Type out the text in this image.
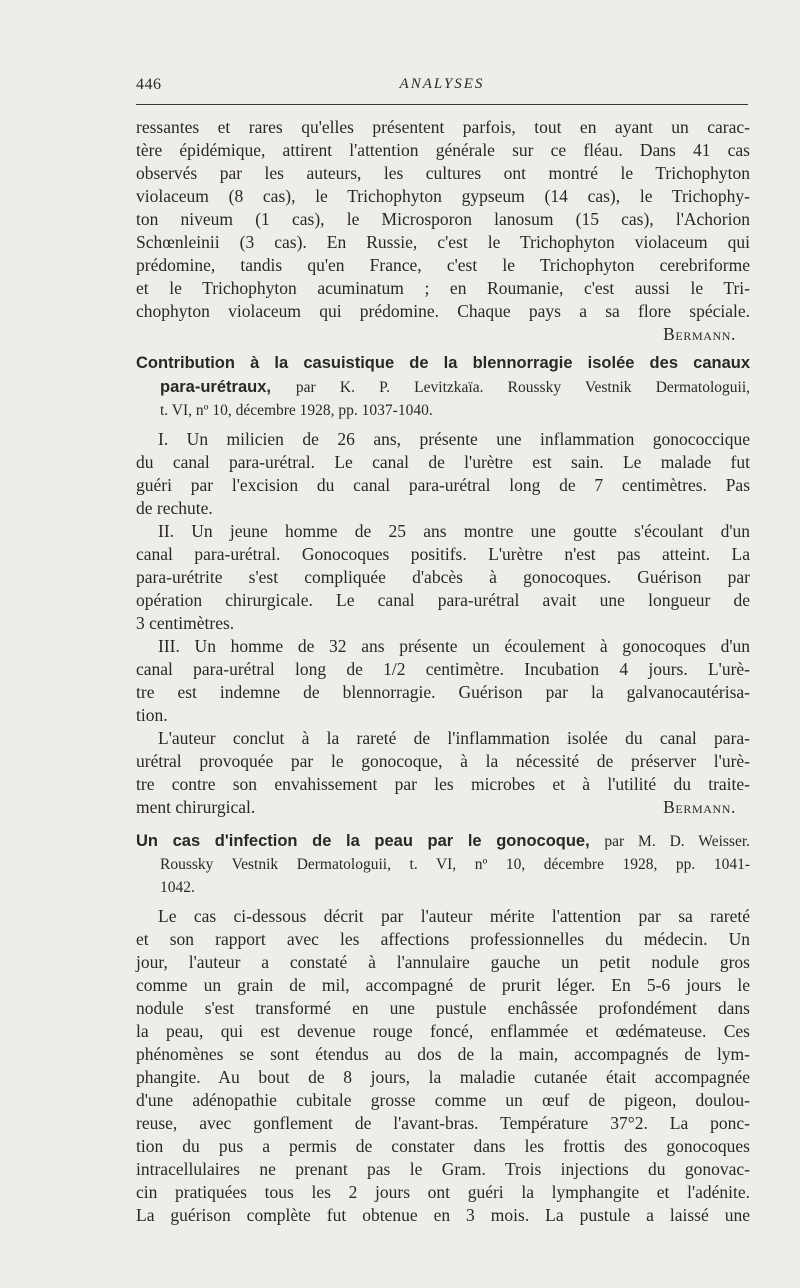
446	ANALYSES
ressantes et rares qu'elles présentent parfois, tout en ayant un carac-
tère épidémique, attirent l'attention générale sur ce fléau. Dans 41 cas
observés par les auteurs, les cultures ont montré le Trichophyton
violaceum (8 cas), le Trichophyton gypseum (14 cas), le Trichophy-
ton niveum (1 cas), le Microsporon lanosum (15 cas), l'Achorion
Schœnleinii (3 cas). En Russie, c'est le Trichophyton violaceum qui
prédomine, tandis qu'en France, c'est le Trichophyton cerebriforme
et le Trichophyton acuminatum ; en Roumanie, c'est aussi le Tri-
chophyton violaceum qui prédomine. Chaque pays a sa flore spéciale.
Bermann.
Contribution à la casuistique de la blennorragie isolée des canaux
para-urétraux, par K. P. Levitzkaïa. Roussky Vestnik Dermatologuii,
t. VI, nº 10, décembre 1928, pp. 1037-1040.
I. Un milicien de 26 ans, présente une inflammation gonococcique
du canal para-urétral. Le canal de l'urètre est sain. Le malade fut
guéri par l'excision du canal para-urétral long de 7 centimètres. Pas
de rechute.
II. Un jeune homme de 25 ans montre une goutte s'écoulant d'un
canal para-urétral. Gonocoques positifs. L'urètre n'est pas atteint. La
para-urétrite s'est compliquée d'abcès à gonocoques. Guérison par
opération chirurgicale. Le canal para-urétral avait une longueur de
3 centimètres.
III. Un homme de 32 ans présente un écoulement à gonocoques d'un
canal para-urétral long de 1/2 centimètre. Incubation 4 jours. L'urè-
tre est indemne de blennorragie. Guérison par la galvanocautérisa-
tion.
L'auteur conclut à la rareté de l'inflammation isolée du canal para-
urétral provoquée par le gonocoque, à la nécessité de préserver l'urè-
tre contre son envahissement par les microbes et à l'utilité du traite-
ment chirurgical.	Bermann.
Un cas d'infection de la peau par le gonocoque, par M. D. Weisser.
Roussky Vestnik Dermatologuii, t. VI, nº 10, décembre 1928, pp. 1041-
1042.
Le cas ci-dessous décrit par l'auteur mérite l'attention par sa rareté
et son rapport avec les affections professionnelles du médecin. Un
jour, l'auteur a constaté à l'annulaire gauche un petit nodule gros
comme un grain de mil, accompagné de prurit léger. En 5-6 jours le
nodule s'est transformé en une pustule enchâssée profondément dans
la peau, qui est devenue rouge foncé, enflammée et œdémateuse. Ces
phénomènes se sont étendus au dos de la main, accompagnés de lym-
phangite. Au bout de 8 jours, la maladie cutanée était accompagnée
d'une adénopathie cubitale grosse comme un œuf de pigeon, doulou-
reuse, avec gonflement de l'avant-bras. Température 37°2. La ponc-
tion du pus a permis de constater dans les frottis des gonocoques
intracellulaires ne prenant pas le Gram. Trois injections du gonovac-
cin pratiquées tous les 2 jours ont guéri la lymphangite et l'adénite.
La guérison complète fut obtenue en 3 mois. La pustule a laissé une
